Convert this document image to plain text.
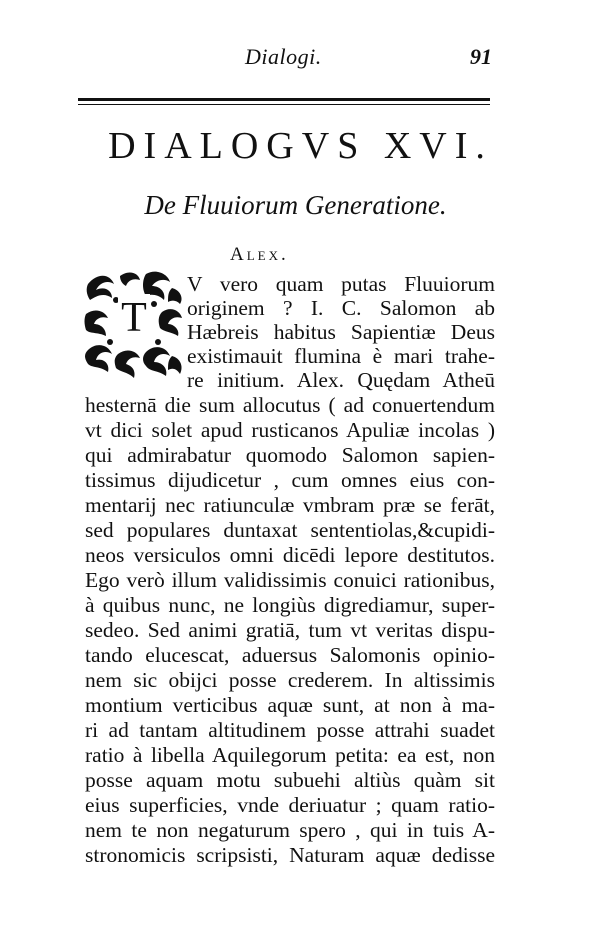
Dialogi.	91
DIALOGVS XVI.
De Fluuiorum Generatione.
Alex.
T
V vero quam putas Fluuiorum
originem ? I. C. Salomon ab
Hæbreis habitus Sapientiæ Deus
existimauit flumina è mari trahe-
re initium. Alex. Quędam Atheū
hesternā die sum allocutus ( ad conuertendum
vt dici solet apud rusticanos Apuliæ incolas )
qui admirabatur quomodo Salomon sapien-
tissimus dijudicetur , cum omnes eius con-
mentarij nec ratiunculæ vmbram præ se ferāt,
sed populares duntaxat sententiolas,&cupidi-
neos versiculos omni dicēdi lepore destitutos.
Ego verò illum validissimis conuici rationibus,
à quibus nunc, ne longiùs digrediamur, super-
sedeo. Sed animi gratiā, tum vt veritas dispu-
tando elucescat, aduersus Salomonis opinio-
nem sic obijci posse crederem. In altissimis
montium verticibus aquæ sunt, at non à ma-
ri ad tantam altitudinem posse attrahi suadet
ratio à libella Aquilegorum petita: ea est, non
posse aquam motu subuehi altiùs quàm sit
eius superficies, vnde deriuatur ; quam ratio-
nem te non negaturum spero , qui in tuis A-
stronomicis scripsisti, Naturam aquæ dedisse
